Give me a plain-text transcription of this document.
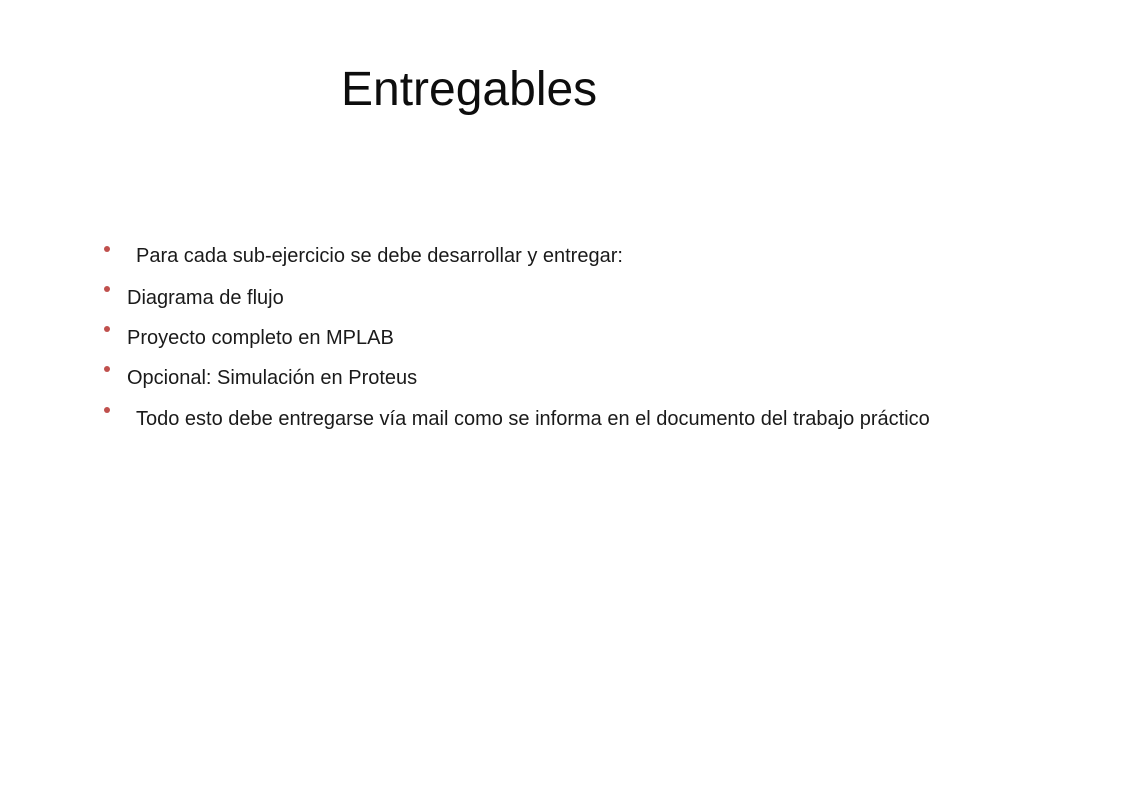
Entregables
Para cada sub-ejercicio se debe desarrollar y entregar:
Diagrama de flujo
Proyecto completo en MPLAB
Opcional: Simulación en Proteus
Todo esto debe entregarse vía mail como se informa en el documento del trabajo práctico
